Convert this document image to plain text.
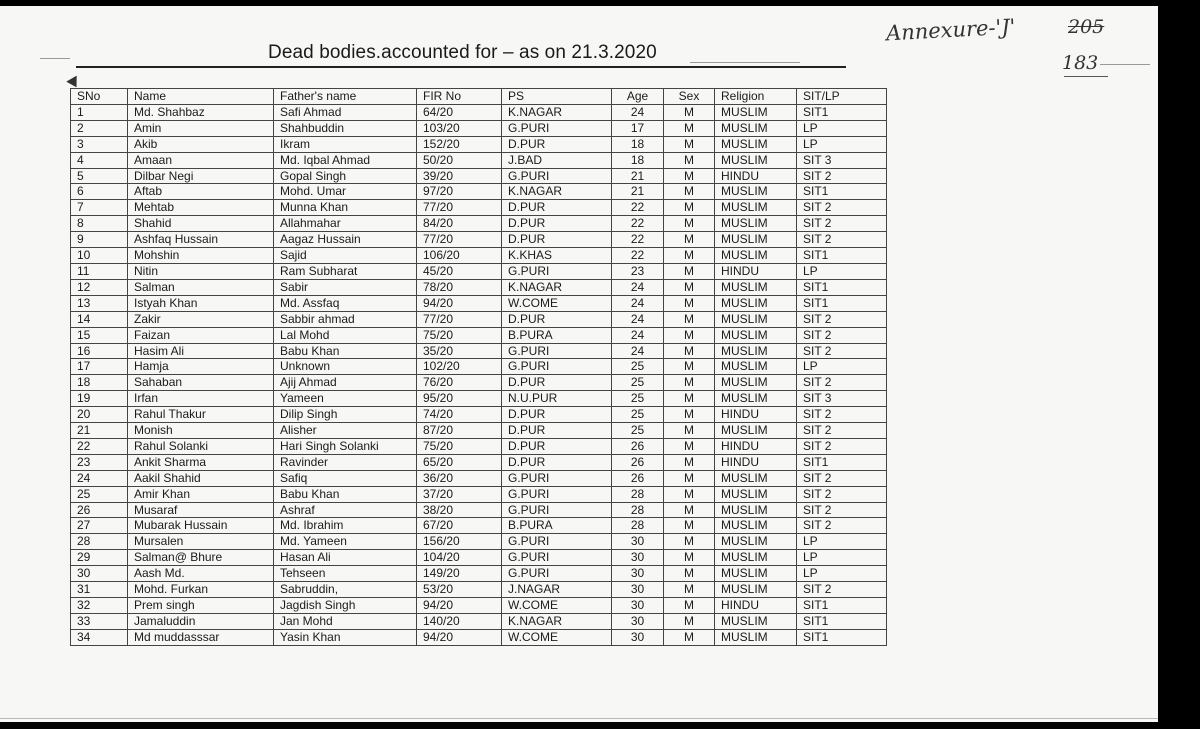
Dead bodies.accounted for – as on 21.3.2020
Annexure-'J'	205
183
SNo	Name	Father's name	FIR No	PS	Age	Sex	Religion	SIT/LP
1	Md. Shahbaz	Safi Ahmad	64/20	K.NAGAR	24	M	MUSLIM	SIT1
2	Amin	Shahbuddin	103/20	G.PURI	17	M	MUSLIM	LP
3	Akib	Ikram	152/20	D.PUR	18	M	MUSLIM	LP
4	Amaan	Md. Iqbal Ahmad	50/20	J.BAD	18	M	MUSLIM	SIT 3
5	Dilbar Negi	Gopal Singh	39/20	G.PURI	21	M	HINDU	SIT 2
6	Aftab	Mohd. Umar	97/20	K.NAGAR	21	M	MUSLIM	SIT1
7	Mehtab	Munna Khan	77/20	D.PUR	22	M	MUSLIM	SIT 2
8	Shahid	Allahmahar	84/20	D.PUR	22	M	MUSLIM	SIT 2
9	Ashfaq Hussain	Aagaz Hussain	77/20	D.PUR	22	M	MUSLIM	SIT 2
10	Mohshin	Sajid	106/20	K.KHAS	22	M	MUSLIM	SIT1
11	Nitin	Ram Subharat	45/20	G.PURI	23	M	HINDU	LP
12	Salman	Sabir	78/20	K.NAGAR	24	M	MUSLIM	SIT1
13	Istyah Khan	Md. Assfaq	94/20	W.COME	24	M	MUSLIM	SIT1
14	Zakir	Sabbir ahmad	77/20	D.PUR	24	M	MUSLIM	SIT 2
15	Faizan	Lal Mohd	75/20	B.PURA	24	M	MUSLIM	SIT 2
16	Hasim Ali	Babu Khan	35/20	G.PURI	24	M	MUSLIM	SIT 2
17	Hamja	Unknown	102/20	G.PURI	25	M	MUSLIM	LP
18	Sahaban	Ajij Ahmad	76/20	D.PUR	25	M	MUSLIM	SIT 2
19	Irfan	Yameen	95/20	N.U.PUR	25	M	MUSLIM	SIT 3
20	Rahul Thakur	Dilip Singh	74/20	D.PUR	25	M	HINDU	SIT 2
21	Monish	Alisher	87/20	D.PUR	25	M	MUSLIM	SIT 2
22	Rahul Solanki	Hari Singh Solanki	75/20	D.PUR	26	M	HINDU	SIT 2
23	Ankit Sharma	Ravinder	65/20	D.PUR	26	M	HINDU	SIT1
24	Aakil Shahid	Safiq	36/20	G.PURI	26	M	MUSLIM	SIT 2
25	Amir Khan	Babu Khan	37/20	G.PURI	28	M	MUSLIM	SIT 2
26	Musaraf	Ashraf	38/20	G.PURI	28	M	MUSLIM	SIT 2
27	Mubarak Hussain	Md. Ibrahim	67/20	B.PURA	28	M	MUSLIM	SIT 2
28	Mursalen	Md. Yameen	156/20	G.PURI	30	M	MUSLIM	LP
29	Salman@ Bhure	Hasan Ali	104/20	G.PURI	30	M	MUSLIM	LP
30	Aash Md.	Tehseen	149/20	G.PURI	30	M	MUSLIM	LP
31	Mohd. Furkan	Sabruddin,	53/20	J.NAGAR	30	M	MUSLIM	SIT 2
32	Prem singh	Jagdish Singh	94/20	W.COME	30	M	HINDU	SIT1
33	Jamaluddin	Jan Mohd	140/20	K.NAGAR	30	M	MUSLIM	SIT1
34	Md muddasssar	Yasin Khan	94/20	W.COME	30	M	MUSLIM	SIT1
